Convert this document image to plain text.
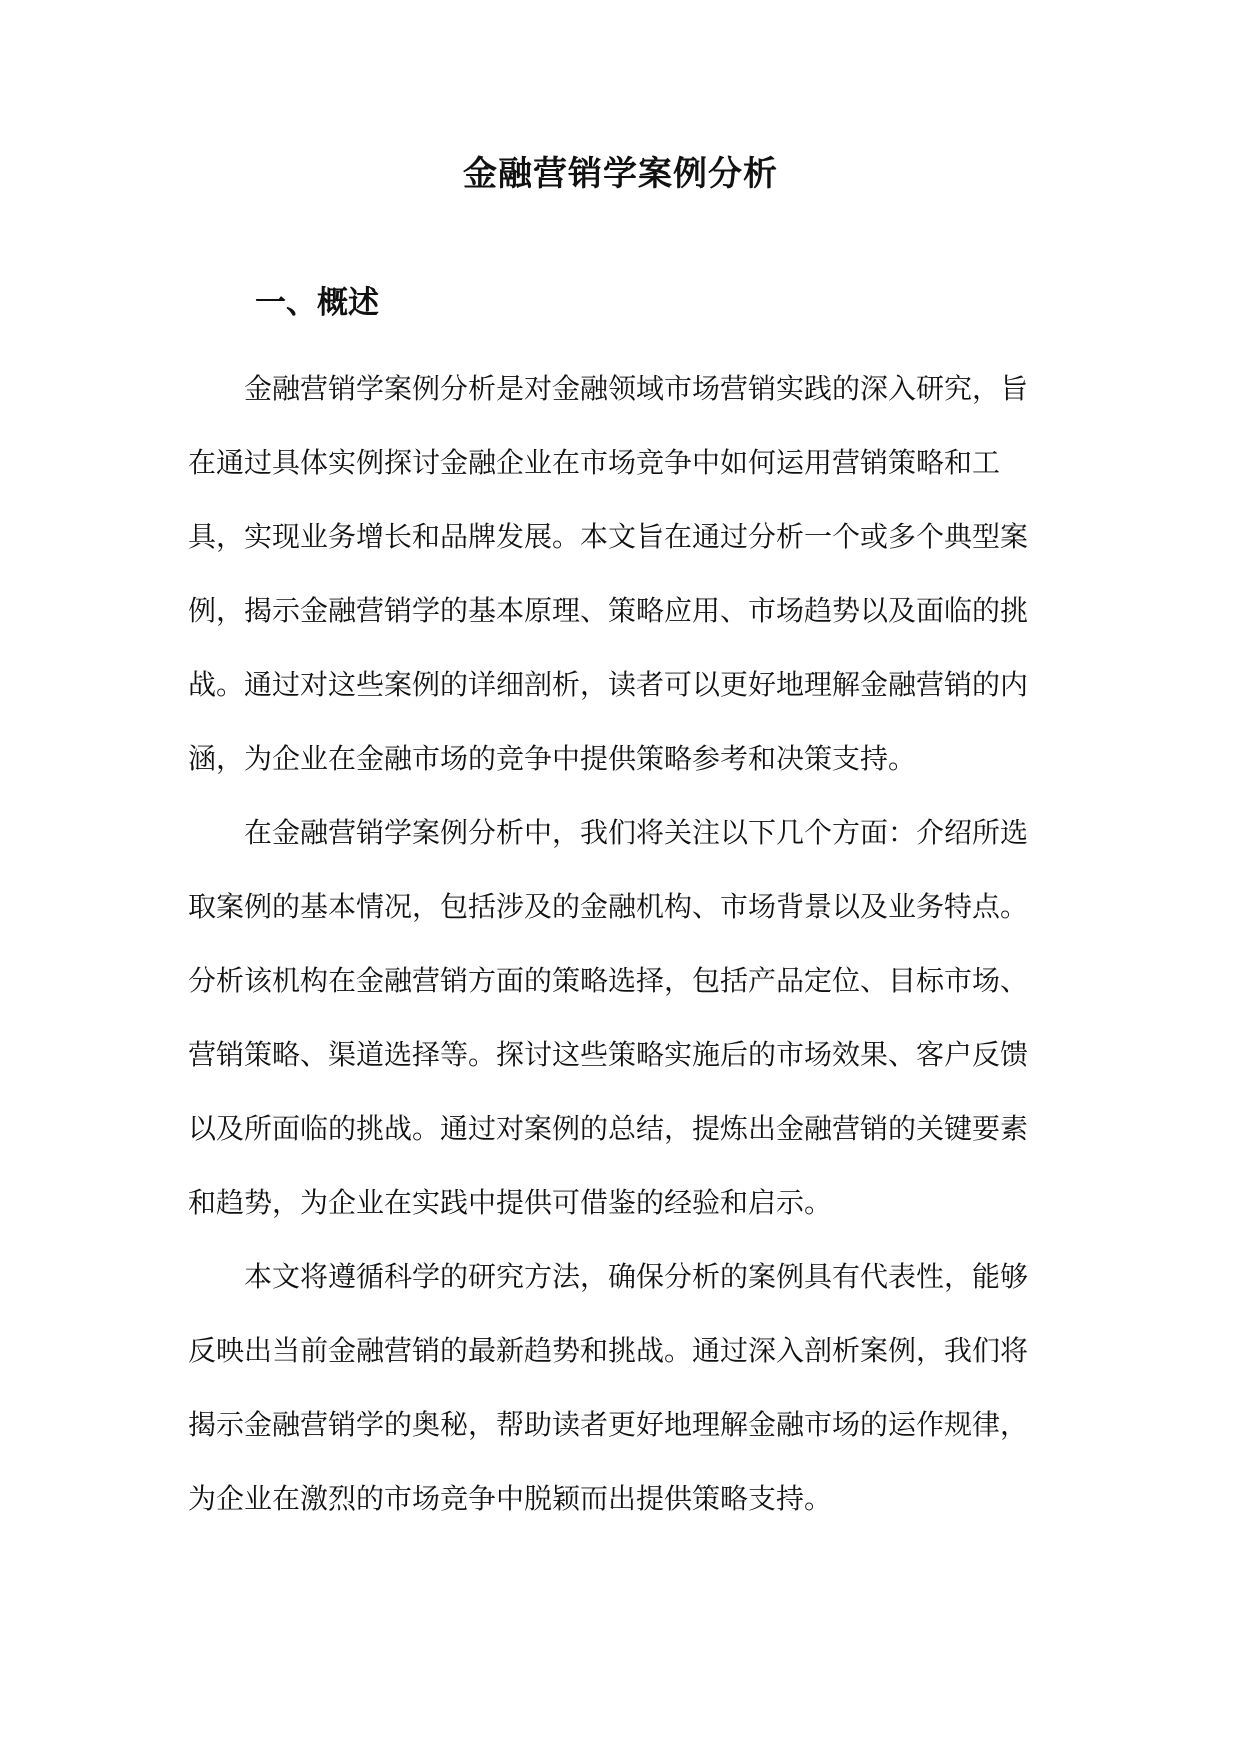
金融营销学案例分析
一、概述

金融营销学案例分析是对金融领域市场营销实践的深入研究，旨

在通过具体实例探讨金融企业在市场竞争中如何运用营销策略和工

具，实现业务增长和品牌发展。本文旨在通过分析一个或多个典型案

例，揭示金融营销学的基本原理、策略应用、市场趋势以及面临的挑

战。通过对这些案例的详细剖析，读者可以更好地理解金融营销的内

涵，为企业在金融市场的竞争中提供策略参考和决策支持。

在金融营销学案例分析中，我们将关注以下几个方面：介绍所选

取案例的基本情况，包括涉及的金融机构、市场背景以及业务特点。

分析该机构在金融营销方面的策略选择，包括产品定位、目标市场、

营销策略、渠道选择等。探讨这些策略实施后的市场效果、客户反馈

以及所面临的挑战。通过对案例的总结，提炼出金融营销的关键要素

和趋势，为企业在实践中提供可借鉴的经验和启示。

本文将遵循科学的研究方法，确保分析的案例具有代表性，能够

反映出当前金融营销的最新趋势和挑战。通过深入剖析案例，我们将

揭示金融营销学的奥秘，帮助读者更好地理解金融市场的运作规律，

为企业在激烈的市场竞争中脱颖而出提供策略支持。
